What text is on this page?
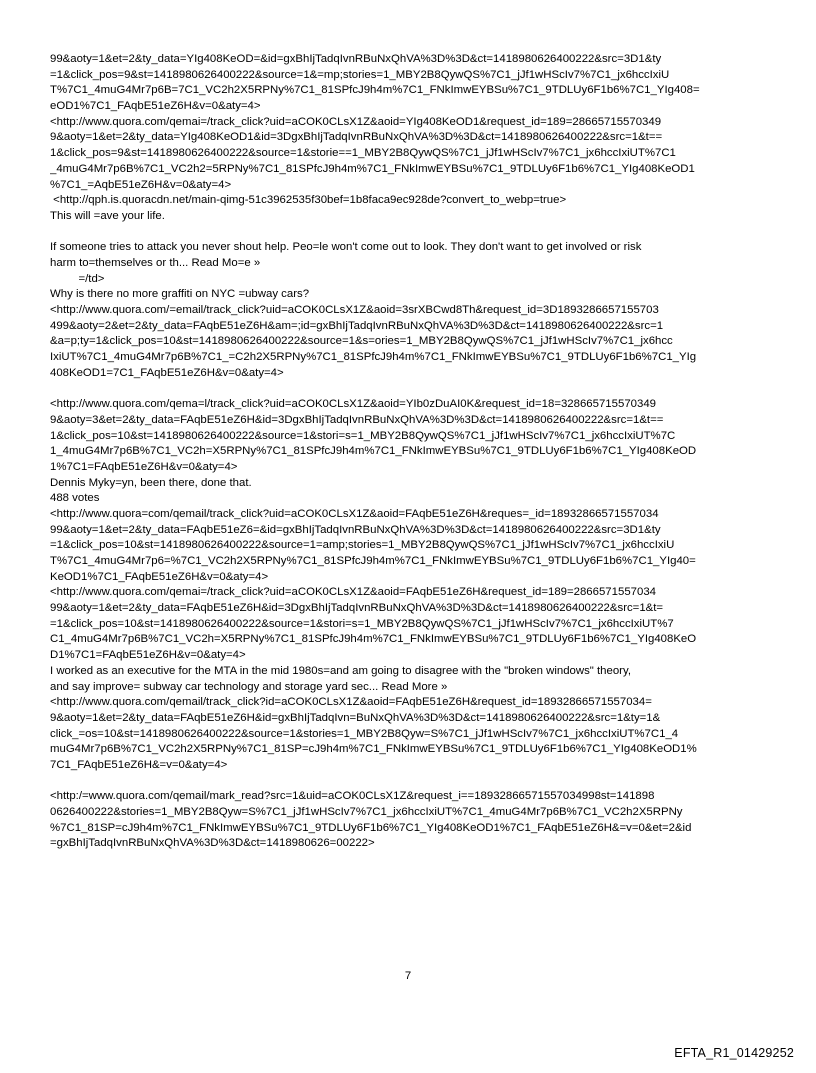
99&aoty=1&et=2&ty_data=YIg408KeOD=&id=gxBhIjTadqIvnRBuNxQhVA%3D%3D&ct=1418980626400222&src=3D1&ty
=1&click_pos=9&st=1418980626400222&source=1&=mp;stories=1_MBY2B8QywQS%7C1_jJf1wHScIv7%7C1_jx6hccIxiU
T%7C1_4muG4Mr7p6B=7C1_VC2h2X5RPNy%7C1_81SPfcJ9h4m%7C1_FNkImwEYBSu%7C1_9TDLUy6F1b6%7C1_YIg408=
eOD1%7C1_FAqbE51eZ6H&v=0&aty=4>
<http://www.quora.com/qemai=/track_click?uid=aCOK0CLsX1Z&aoid=YIg408KeOD1&request_id=189=28665715570349
9&aoty=1&et=2&ty_data=YIg408KeOD1&id=3DgxBhIjTadqIvnRBuNxQhVA%3D%3D&ct=1418980626400222&src=1&t==
1&click_pos=9&st=1418980626400222&source=1&storie==1_MBY2B8QywQS%7C1_jJf1wHScIv7%7C1_jx6hccIxiUT%7C1
_4muG4Mr7p6B%7C1_VC2h2=5RPNy%7C1_81SPfcJ9h4m%7C1_FNkImwEYBSu%7C1_9TDLUy6F1b6%7C1_YIg408KeOD1
%7C1_=AqbE51eZ6H&v=0&aty=4>
<http://qph.is.quoracdn.net/main-qimg-51c3962535f30bef=1b8faca9ec928de?convert_to_webp=true>
This will =ave your life.
If someone tries to attack you never shout help. Peo=le won't come out to look. They don't want to get involved or risk
harm to=themselves or th... Read Mo=e »
=/td>
Why is there no more graffiti on NYC =ubway cars?
<http://www.quora.com/=email/track_click?uid=aCOK0CLsX1Z&aoid=3srXBCwd8Th&request_id=3D1893286657155703
499&aoty=2&et=2&ty_data=FAqbE51eZ6H&am=;id=gxBhIjTadqIvnRBuNxQhVA%3D%3D&ct=1418980626400222&src=1
&a=p;ty=1&click_pos=10&st=1418980626400222&source=1&s=ories=1_MBY2B8QywQS%7C1_jJf1wHScIv7%7C1_jx6hcc
IxiUT%7C1_4muG4Mr7p6B%7C1_=C2h2X5RPNy%7C1_81SPfcJ9h4m%7C1_FNkImwEYBSu%7C1_9TDLUy6F1b6%7C1_YIg
408KeOD1=7C1_FAqbE51eZ6H&v=0&aty=4>
<http://www.quora.com/qema=l/track_click?uid=aCOK0CLsX1Z&aoid=YIb0zDuAI0K&request_id=18=328665715570349
9&aoty=3&et=2&ty_data=FAqbE51eZ6H&id=3DgxBhIjTadqIvnRBuNxQhVA%3D%3D&ct=1418980626400222&src=1&t==
1&click_pos=10&st=1418980626400222&source=1&stori=s=1_MBY2B8QywQS%7C1_jJf1wHScIv7%7C1_jx6hccIxiUT%7C
1_4muG4Mr7p6B%7C1_VC2h=X5RPNy%7C1_81SPfcJ9h4m%7C1_FNkImwEYBSu%7C1_9TDLUy6F1b6%7C1_YIg408KeOD
1%7C1=FAqbE51eZ6H&v=0&aty=4>
Dennis Myky=yn, been there, done that.
488 votes
<http://www.quora=com/qemail/track_click?uid=aCOK0CLsX1Z&aoid=FAqbE51eZ6H&reques=_id=18932866571557034
99&aoty=1&et=2&ty_data=FAqbE51eZ6=&id=gxBhIjTadqIvnRBuNxQhVA%3D%3D&ct=1418980626400222&src=3D1&ty
=1&click_pos=10&st=1418980626400222&source=1=amp;stories=1_MBY2B8QywQS%7C1_jJf1wHScIv7%7C1_jx6hccIxiU
T%7C1_4muG4Mr7p6=%7C1_VC2h2X5RPNy%7C1_81SPfcJ9h4m%7C1_FNkImwEYBSu%7C1_9TDLUy6F1b6%7C1_YIg40=
KeOD1%7C1_FAqbE51eZ6H&v=0&aty=4>
<http://www.quora.com/qemai=/track_click?uid=aCOK0CLsX1Z&aoid=FAqbE51eZ6H&request_id=189=2866571557034
99&aoty=1&et=2&ty_data=FAqbE51eZ6H&id=3DgxBhIjTadqIvnRBuNxQhVA%3D%3D&ct=1418980626400222&src=1&t=
=1&click_pos=10&st=1418980626400222&source=1&stori=s=1_MBY2B8QywQS%7C1_jJf1wHScIv7%7C1_jx6hccIxiUT%7
C1_4muG4Mr7p6B%7C1_VC2h=X5RPNy%7C1_81SPfcJ9h4m%7C1_FNkImwEYBSu%7C1_9TDLUy6F1b6%7C1_YIg408KeO
D1%7C1=FAqbE51eZ6H&v=0&aty=4>
I worked as an executive for the MTA in the mid 1980s=and am going to disagree with the "broken windows" theory,
and say improve= subway car technology and storage yard sec... Read More »
<http://www.quora.com/qemail/track_click?id=aCOK0CLsX1Z&aoid=FAqbE51eZ6H&request_id=18932866571557034=
9&aoty=1&et=2&ty_data=FAqbE51eZ6H&id=gxBhIjTadqIvn=BuNxQhVA%3D%3D&ct=1418980626400222&src=1&ty=1&
click_=os=10&st=1418980626400222&source=1&stories=1_MBY2B8Qyw=S%7C1_jJf1wHScIv7%7C1_jx6hccIxiUT%7C1_4
muG4Mr7p6B%7C1_VC2h2X5RPNy%7C1_81SP=cJ9h4m%7C1_FNkImwEYBSu%7C1_9TDLUy6F1b6%7C1_YIg408KeOD1%
7C1_FAqbE51eZ6H&=v=0&aty=4>
<http:/=www.quora.com/qemail/mark_read?src=1&uid=aCOK0CLsX1Z&request_i==18932866571557034998st=141898
0626400222&stories=1_MBY2B8Qyw=S%7C1_jJf1wHScIv7%7C1_jx6hccIxiUT%7C1_4muG4Mr7p6B%7C1_VC2h2X5RPNy
%7C1_81SP=cJ9h4m%7C1_FNkImwEYBSu%7C1_9TDLUy6F1b6%7C1_YIg408KeOD1%7C1_FAqbE51eZ6H&=v=0&et=2&id
=gxBhIjTadqIvnRBuNxQhVA%3D%3D&ct=1418980626=00222>
7
EFTA_R1_01429252
